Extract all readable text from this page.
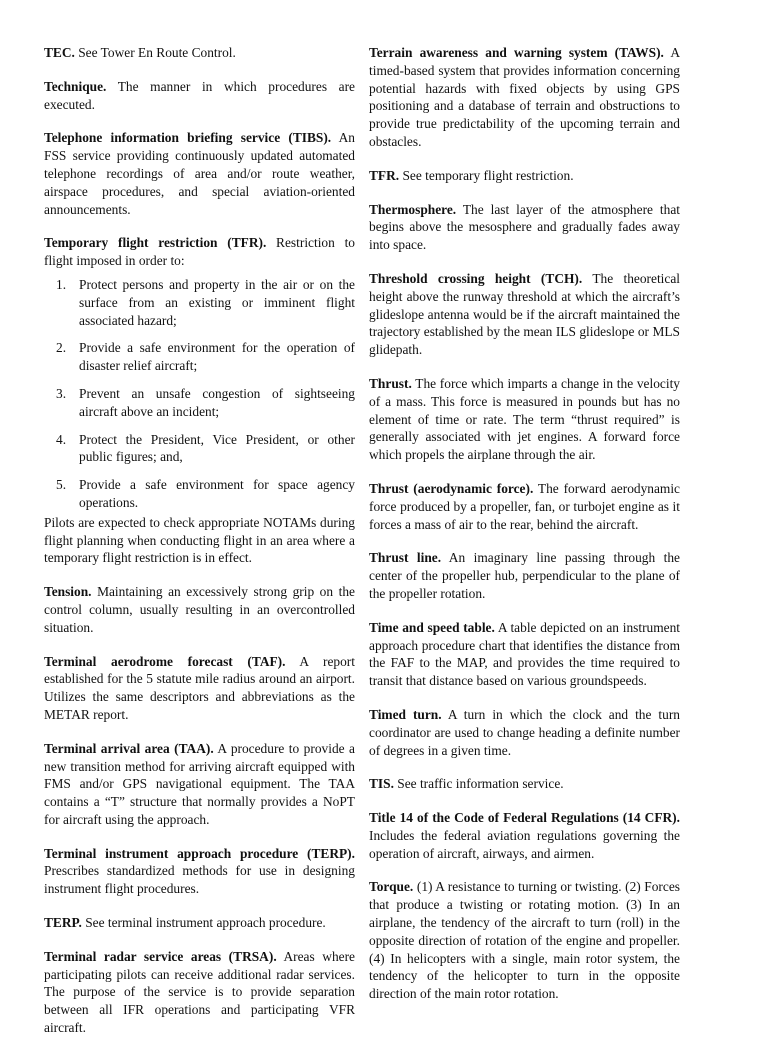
TEC. See Tower En Route Control.

Technique. The manner in which procedures are executed.

Telephone information briefing service (TIBS). An FSS service providing continuously updated automated telephone recordings of area and/or route weather, airspace procedures, and special aviation-oriented announcements.

Temporary flight restriction (TFR). Restriction to flight imposed in order to:
1. Protect persons and property in the air or on the surface from an existing or imminent flight associated hazard;
2. Provide a safe environment for the operation of disaster relief aircraft;
3. Prevent an unsafe congestion of sightseeing aircraft above an incident;
4. Protect the President, Vice President, or other public figures; and,
5. Provide a safe environment for space agency operations.
Pilots are expected to check appropriate NOTAMs during flight planning when conducting flight in an area where a temporary flight restriction is in effect.

Tension. Maintaining an excessively strong grip on the control column, usually resulting in an overcontrolled situation.

Terminal aerodrome forecast (TAF). A report established for the 5 statute mile radius around an airport. Utilizes the same descriptors and abbreviations as the METAR report.

Terminal arrival area (TAA). A procedure to provide a new transition method for arriving aircraft equipped with FMS and/or GPS navigational equipment. The TAA contains a “T” structure that normally provides a NoPT for aircraft using the approach.

Terminal instrument approach procedure (TERP). Prescribes standardized methods for use in designing instrument flight procedures.

TERP. See terminal instrument approach procedure.

Terminal radar service areas (TRSA). Areas where participating pilots can receive additional radar services. The purpose of the service is to provide separation between all IFR operations and participating VFR aircraft.

Terrain awareness and warning system (TAWS). A timed-based system that provides information concerning potential hazards with fixed objects by using GPS positioning and a database of terrain and obstructions to provide true predictability of the upcoming terrain and obstacles.

TFR. See temporary flight restriction.

Thermosphere. The last layer of the atmosphere that begins above the mesosphere and gradually fades away into space.

Threshold crossing height (TCH). The theoretical height above the runway threshold at which the aircraft’s glideslope antenna would be if the aircraft maintained the trajectory established by the mean ILS glideslope or MLS glidepath.

Thrust. The force which imparts a change in the velocity of a mass. This force is measured in pounds but has no element of time or rate. The term “thrust required” is generally associated with jet engines. A forward force which propels the airplane through the air.

Thrust (aerodynamic force). The forward aerodynamic force produced by a propeller, fan, or turbojet engine as it forces a mass of air to the rear, behind the aircraft.

Thrust line. An imaginary line passing through the center of the propeller hub, perpendicular to the plane of the propeller rotation.

Time and speed table. A table depicted on an instrument approach procedure chart that identifies the distance from the FAF to the MAP, and provides the time required to transit that distance based on various groundspeeds.

Timed turn. A turn in which the clock and the turn coordinator are used to change heading a definite number of degrees in a given time.

TIS. See traffic information service.

Title 14 of the Code of Federal Regulations (14 CFR). Includes the federal aviation regulations governing the operation of aircraft, airways, and airmen.

Torque. (1) A resistance to turning or twisting. (2) Forces that produce a twisting or rotating motion. (3) In an airplane, the tendency of the aircraft to turn (roll) in the opposite direction of rotation of the engine and propeller. (4) In helicopters with a single, main rotor system, the tendency of the helicopter to turn in the opposite direction of the main rotor rotation.
